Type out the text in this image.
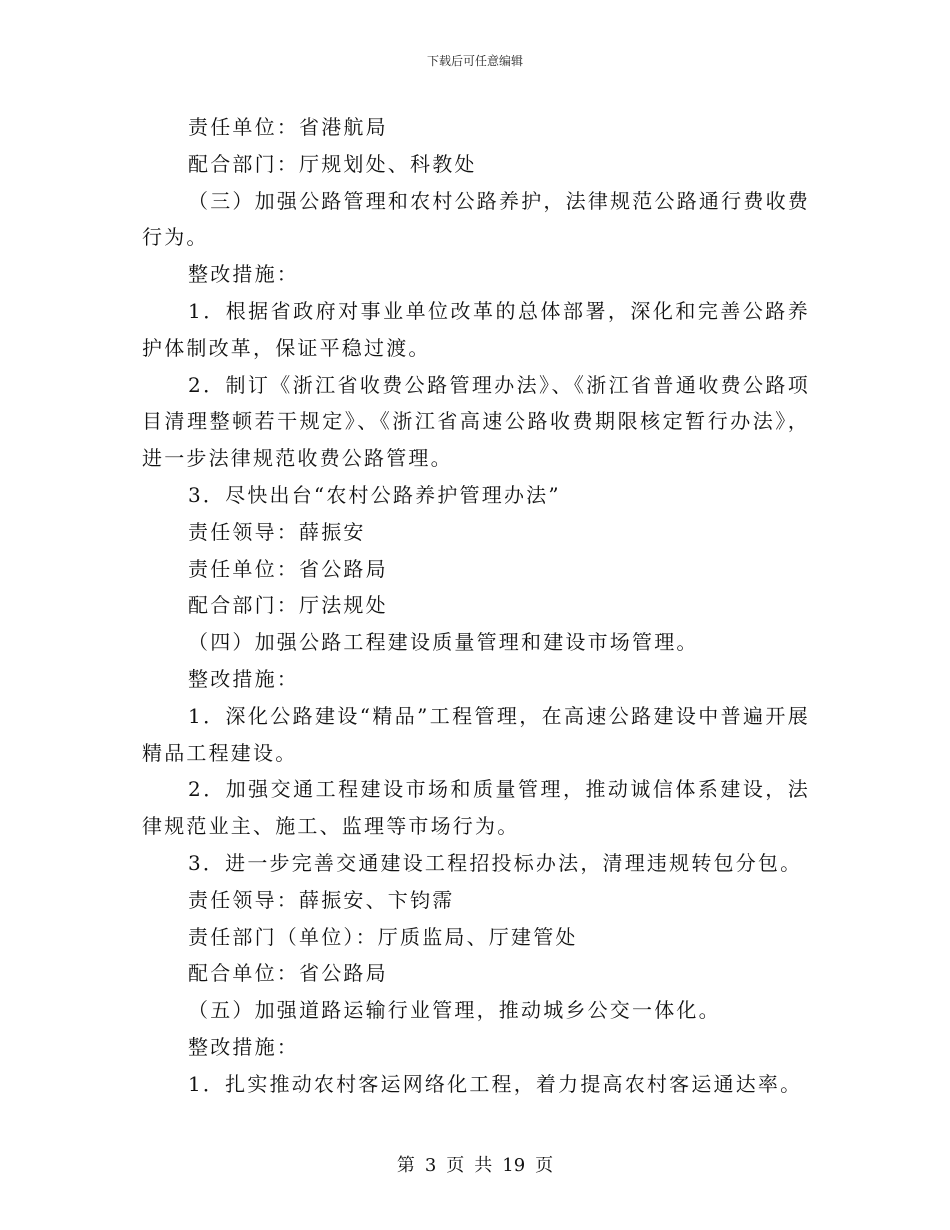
下载后可任意编辑

责任单位：省港航局

配合部门：厅规划处、科教处

（三）加强公路管理和农村公路养护，法律规范公路通行费收费行为。

整改措施：

1．根据省政府对事业单位改革的总体部署，深化和完善公路养护体制改革，保证平稳过渡。

2．制订《浙江省收费公路管理办法》、《浙江省普通收费公路项目清理整顿若干规定》、《浙江省高速公路收费期限核定暂行办法》，进一步法律规范收费公路管理。

3．尽快出台“农村公路养护管理办法”

责任领导：薛振安

责任单位：省公路局

配合部门：厅法规处

（四）加强公路工程建设质量管理和建设市场管理。

整改措施：

1．深化公路建设“精品”工程管理，在高速公路建设中普遍开展精品工程建设。

2．加强交通工程建设市场和质量管理，推动诚信体系建设，法律规范业主、施工、监理等市场行为。

3．进一步完善交通建设工程招投标办法，清理违规转包分包。

责任领导：薛振安、卞钧霈

责任部门（单位）：厅质监局、厅建管处

配合单位：省公路局

（五）加强道路运输行业管理，推动城乡公交一体化。

整改措施：

1．扎实推动农村客运网络化工程，着力提高农村客运通达率。

第 3 页 共 19 页
